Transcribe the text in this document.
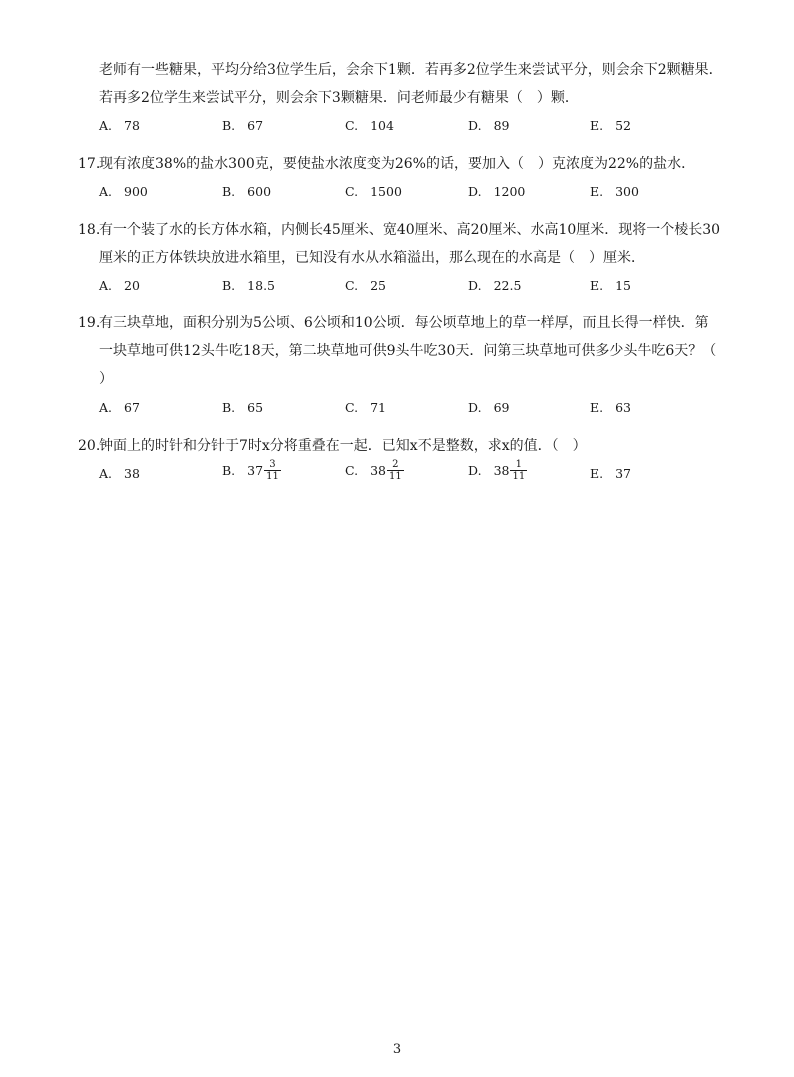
老师有一些糖果，平均分给3位学生后，会余下1颗．若再多2位学生来尝试平分，则会余下2颗糖果．
若再多2位学生来尝试平分，则会余下3颗糖果．问老师最少有糖果（　）颗．
A. 78	B. 67	C. 104	D. 89	E. 52
17.现有浓度38%的盐水300克，要使盐水浓度变为26%的话，要加入（　）克浓度为22%的盐水．
A. 900	B. 600	C. 1500	D. 1200	E. 300
18.有一个装了水的长方体水箱，内侧长45厘米、宽40厘米、高20厘米、水高10厘米．现将一个棱长30
厘米的正方体铁块放进水箱里，已知没有水从水箱溢出，那么现在的水高是（　）厘米．
A. 20	B. 18.5	C. 25	D. 22.5	E. 15
19.有三块草地，面积分别为5公顷、6公顷和10公顷．每公顷草地上的草一样厚，而且长得一样快．第
一块草地可供12头牛吃18天，第二块草地可供9头牛吃30天．问第三块草地可供多少头牛吃6天？（
）
A. 67	B. 65	C. 71	D. 69	E. 63
20.钟面上的时针和分针于7时x分将重叠在一起．已知x不是整数，求x的值．（　）
A. 38	B. $37 \frac{3}{11}$	C. $38 \frac{2}{11}$	D. $38 \frac{1}{11}$	E. 37
3
